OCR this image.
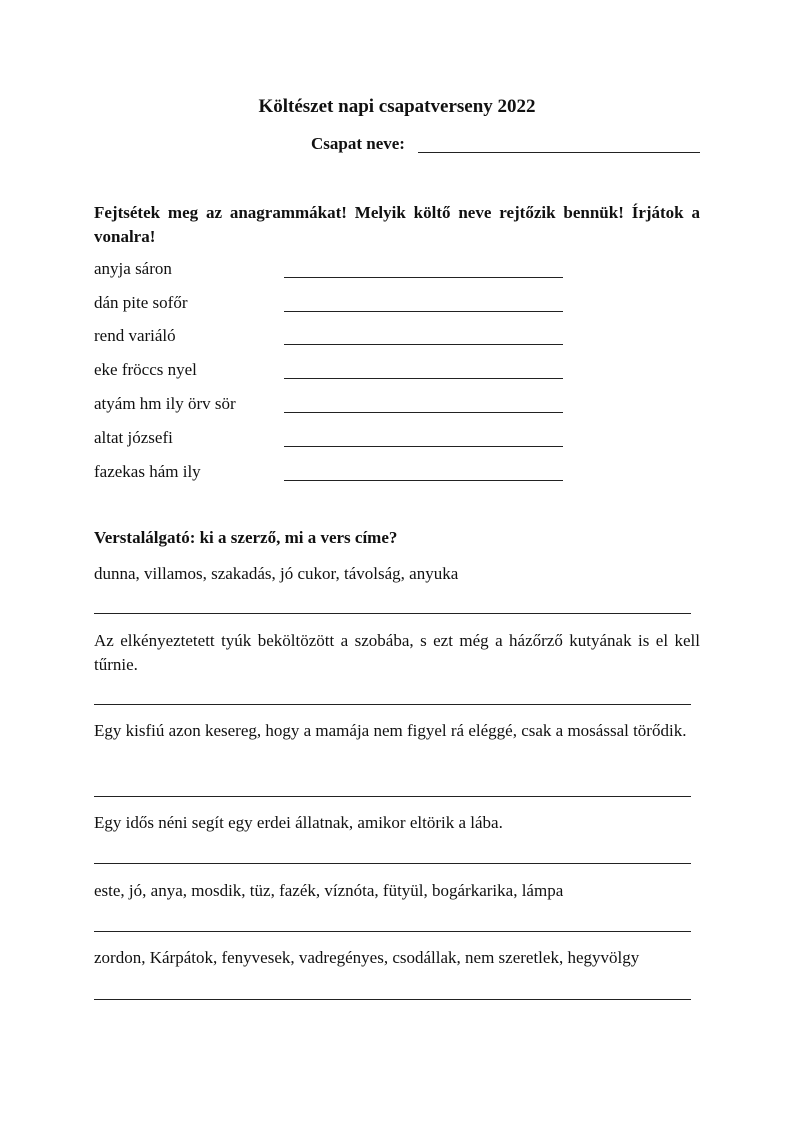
Költészet napi csapatverseny 2022
Csapat neve:
Fejtsétek meg az anagrammákat! Melyik költő neve rejtőzik bennük! Írjátok a vonalra!
anyja sáron
dán pite sofőr
rend variáló
eke fröccs nyel
atyám hm ily örv sör
altat józsefi
fazekas hám ily
Verstalálgató: ki a szerző, mi a vers címe?
dunna, villamos, szakadás, jó cukor, távolság, anyuka
Az elkényeztetett tyúk beköltözött a szobába, s ezt még a házőrző kutyának is el kell tűrnie.
Egy kisfiú azon kesereg, hogy a mamája nem figyel rá eléggé, csak a mosással törődik.
Egy idős néni segít egy erdei állatnak, amikor eltörik a lába.
este, jó, anya, mosdik, tüz, fazék, víznóta, fütyül, bogárkarika, lámpa
zordon, Kárpátok, fenyvesek, vadregényes, csodállak, nem szeretlek, hegyvölgy
